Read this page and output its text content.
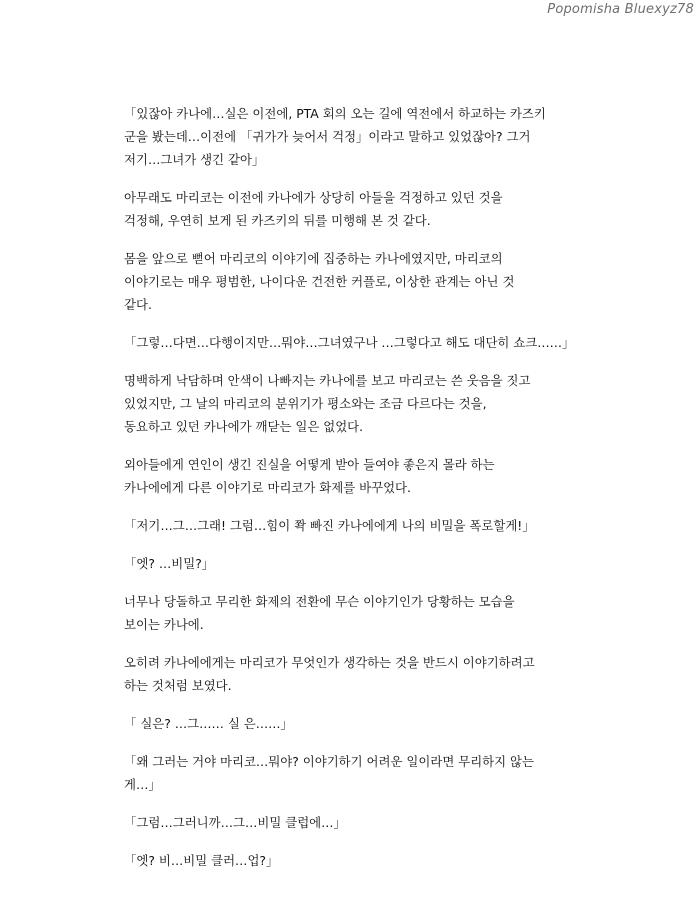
Popomisha Bluexyz78
「있잖아 카나에…실은 이전에, PTA 회의 오는 길에 역전에서 하교하는 카즈키
군을 봤는데…이전에 「귀가가 늦어서 걱정」이라고 말하고 있었잖아? 그거
저기…그녀가 생긴 같아」
아무래도 마리코는 이전에 카나에가 상당히 아들을 걱정하고 있던 것을
걱정해, 우연히 보게 된 카즈키의 뒤를 미행해 본 것 같다.
몸을 앞으로 뻗어 마리코의 이야기에 집중하는 카나에였지만, 마리코의
이야기로는 매우 평범한, 나이다운 건전한 커플로, 이상한 관계는 아닌 것
같다.
「그렇…다면…다행이지만…뭐야…그녀였구나 …그렇다고 해도 대단히 쇼크……」
명백하게 낙담하며 안색이 나빠지는 카나에를 보고 마리코는 쓴 웃음을 짓고
있었지만, 그 날의 마리코의 분위기가 평소와는 조금 다르다는 것을,
동요하고 있던 카나에가 깨닫는 일은 없었다.
외아들에게 연인이 생긴 진실을 어떻게 받아 들여야 좋은지 몰라 하는
카나에에게 다른 이야기로 마리코가 화제를 바꾸었다.
「저기…그…그래! 그럼…힘이 쫙 빠진 카나에에게 나의 비밀을 폭로할게!」
「엣? …비밀?」
너무나 당돌하고 무리한 화제의 전환에 무슨 이야기인가 당황하는 모습을
보이는 카나에.
오히려 카나에에게는 마리코가 무엇인가 생각하는 것을 반드시 이야기하려고
하는 것처럼 보였다.
「 실은? …그…… 실 은……」
「왜 그러는 거야 마리코…뭐야? 이야기하기 어려운 일이라면 무리하지 않는
게…」
「그럼…그러니까…그…비밀 클럽에…」
「엣? 비…비밀 클러…업?」
